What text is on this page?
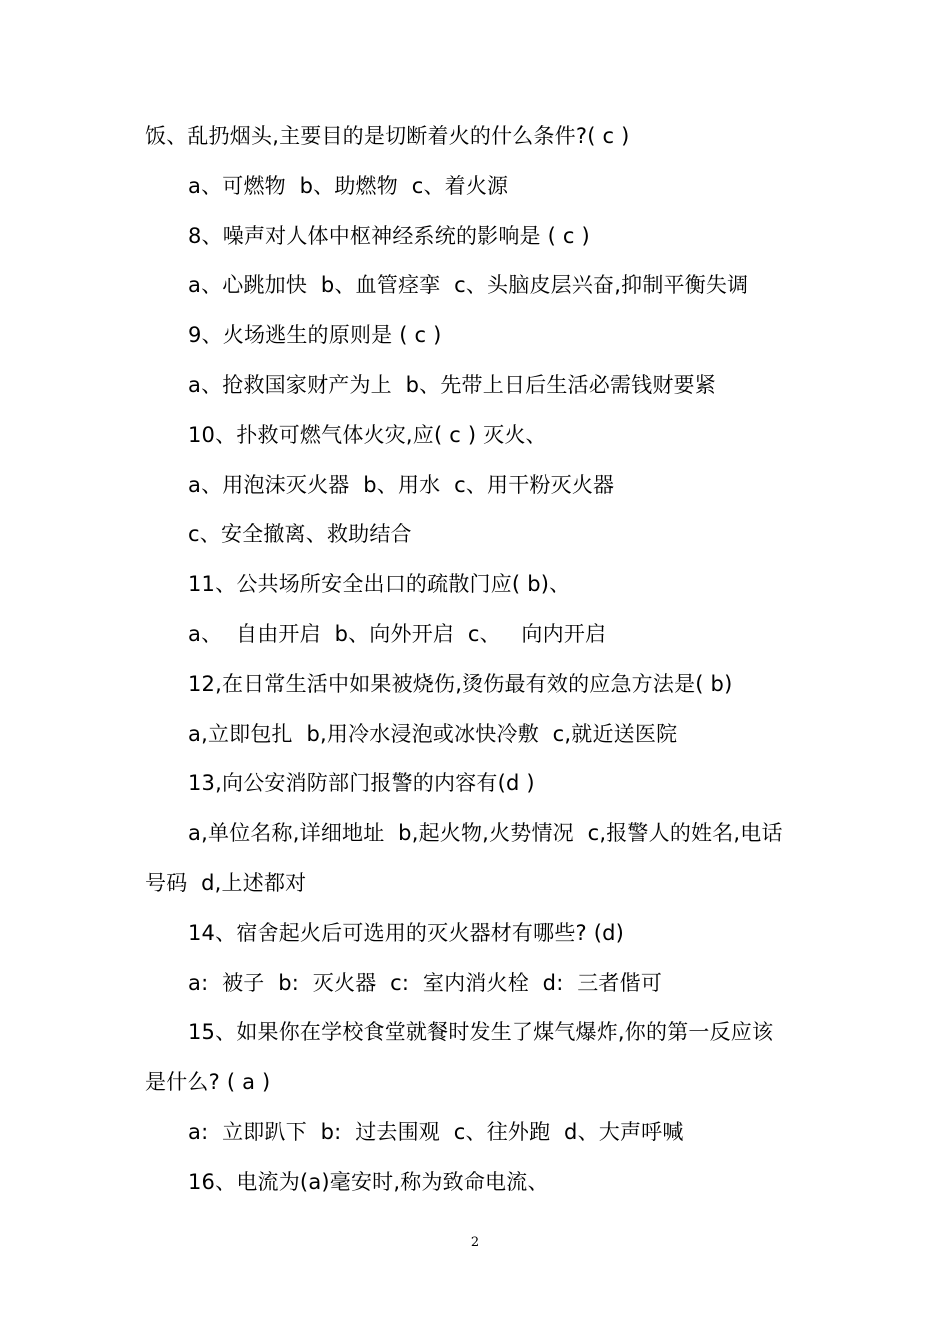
饭、乱扔烟头,主要目的是切断着火的什么条件?( c )
a、可燃物  b、助燃物  c、着火源
8、噪声对人体中枢神经系统的影响是 ( c )
a、心跳加快  b、血管痉挛  c、头脑皮层兴奋,抑制平衡失调
9、火场逃生的原则是 ( c )
a、抢救国家财产为上  b、先带上日后生活必需钱财要紧
10、扑救可燃气体火灾,应( c ) 灭火、
a、用泡沫灭火器  b、用水  c、用干粉灭火器
c、安全撤离、救助结合
11、公共场所安全出口的疏散门应( b)、
a、  自由开启  b、向外开启  c、   向内开启
12,在日常生活中如果被烧伤,烫伤最有效的应急方法是( b)
a,立即包扎  b,用冷水浸泡或冰快冷敷  c,就近送医院
13,向公安消防部门报警的内容有(d )
a,单位名称,详细地址  b,起火物,火势情况  c,报警人的姓名,电话
号码  d,上述都对
14、宿舍起火后可选用的灭火器材有哪些? (d)
a:  被子  b:  灭火器  c:  室内消火栓  d:  三者偕可
15、如果你在学校食堂就餐时发生了煤气爆炸,你的第一反应该
是什么? ( a )
a:  立即趴下  b:  过去围观  c、往外跑  d、大声呼喊
16、电流为(a)毫安时,称为致命电流、
2
